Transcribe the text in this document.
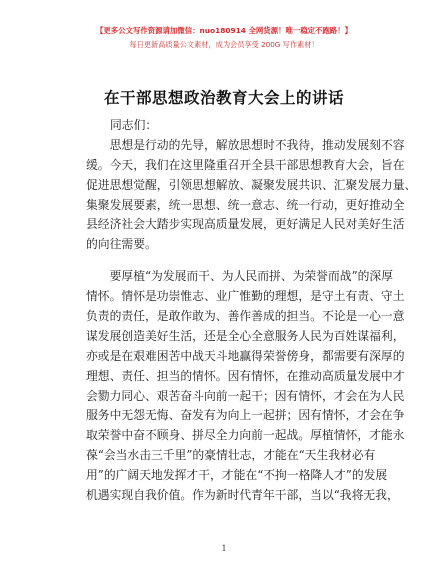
【更多公文写作资源请加微信：nuo180914 全网货源！唯一稳定不跑路！】
每日更新高质量公文素材，成为会员享受 200G 写作素材！
在干部思想政治教育大会上的讲话
同志们：
　　思想是行动的先导，解放思想时不我待，推动发展刻不容
缓。今天，我们在这里隆重召开全县干部思想教育大会，旨在
促进思想觉醒，引领思想解放、凝聚发展共识、汇聚发展力量、
集聚发展要素，统一思想、统一意志、统一行动，更好推动全
县经济社会大踏步实现高质量发展，更好满足人民对美好生活
的向往需要。
　　要厚植“为发展而干、为人民而拼、为荣誉而战”的深厚
情怀。情怀是功崇惟志、业广惟勤的理想，是守土有责、守土
负责的责任，是敢作敢为、善作善成的担当。不论是一心一意
谋发展创造美好生活，还是全心全意服务人民为百姓谋福利，
亦或是在艰难困苦中战天斗地赢得荣誉傍身，都需要有深厚的
理想、责任、担当的情怀。因有情怀，在推动高质量发展中才
会勠力同心、艰苦奋斗向前一起干；因有情怀，才会在为人民
服务中无怨无悔、奋发有为向上一起拼；因有情怀，才会在争
取荣誉中奋不顾身、拼尽全力向前一起战。厚植情怀，才能永
葆“会当水击三千里”的豪情壮志，才能在“天生我材必有
用”的广阔天地发挥才干，才能在“不拘一格降人才”的发展
机遇实现自我价值。作为新时代青年干部，当以“我将无我，
1
